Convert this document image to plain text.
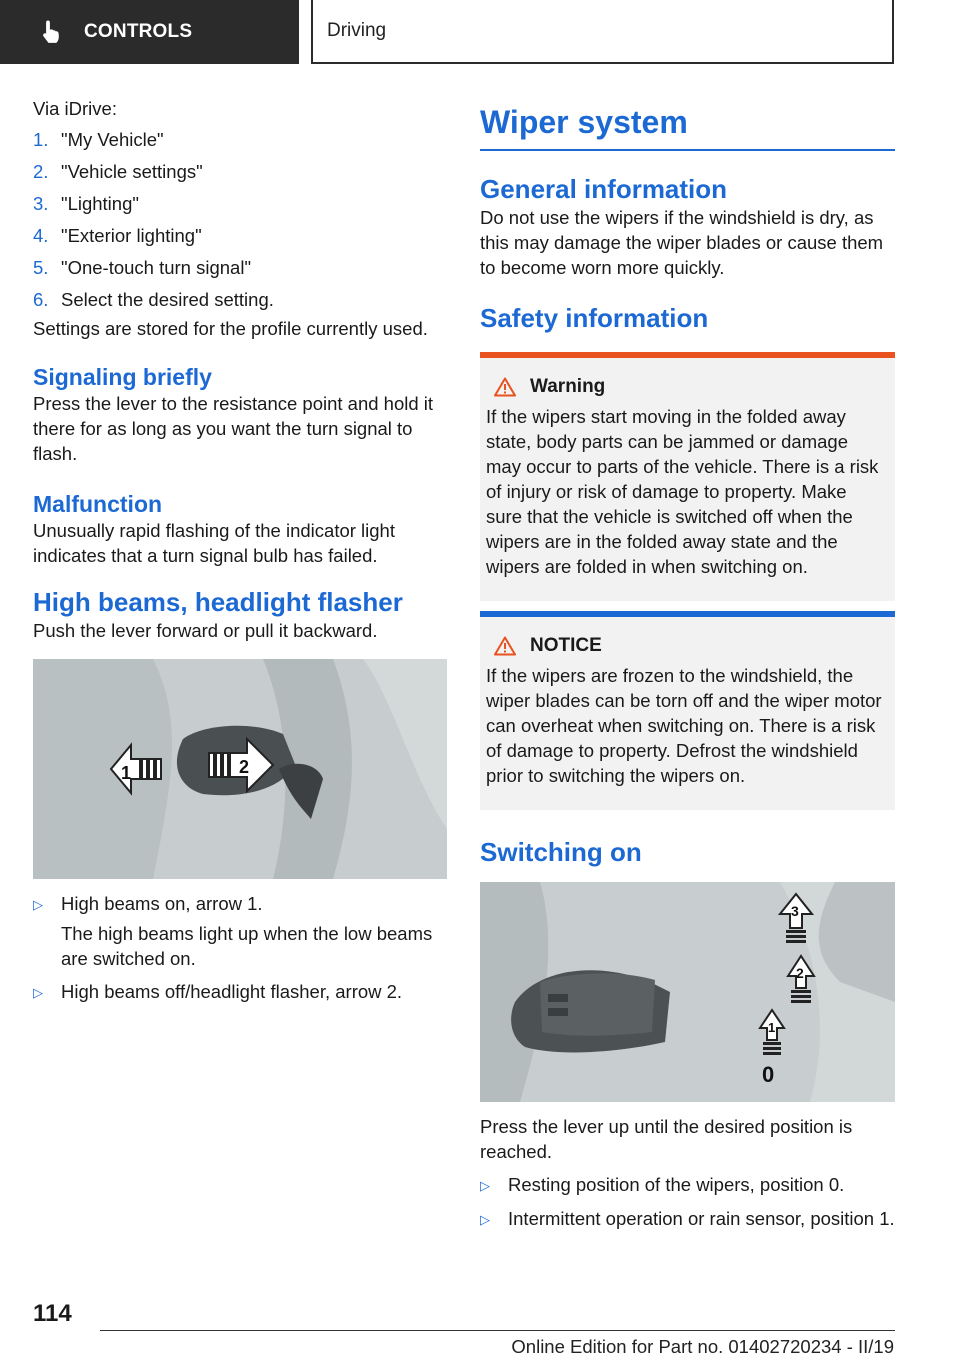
CONTROLS	Driving

Via iDrive:

1. "My Vehicle"
2. "Vehicle settings"
3. "Lighting"
4. "Exterior lighting"
5. "One-touch turn signal"
6. Select the desired setting.

Settings are stored for the profile currently used.

Signaling briefly

Press the lever to the resistance point and hold it there for as long as you want the turn signal to flash.

Malfunction

Unusually rapid flashing of the indicator light indicates that a turn signal bulb has failed.

High beams, headlight flasher

Push the lever forward or pull it backward.

1	2
▷ High beams on, arrow 1.
The high beams light up when the low beams are switched on.
▷ High beams off/headlight flasher, arrow 2.
Wiper system
General information

Do not use the wipers if the windshield is dry, as this may damage the wiper blades or cause them to become worn more quickly.

Safety information
Warning

If the wipers start moving in the folded away state, body parts can be jammed or damage may occur to parts of the vehicle. There is a risk of injury or risk of damage to property. Make sure that the vehicle is switched off when the wipers are in the folded away state and the wipers are folded in when switching on.

NOTICE

If the wipers are frozen to the windshield, the wiper blades can be torn off and the wiper motor can overheat when switching on. There is a risk of damage to property. Defrost the windshield prior to switching the wipers on.

Switching on
3
2
1
0

Press the lever up until the desired position is reached.

▷ Resting position of the wipers, position 0.
▷ Intermittent operation or rain sensor, position 1.
114
Online Edition for Part no. 01402720234 - II/19
